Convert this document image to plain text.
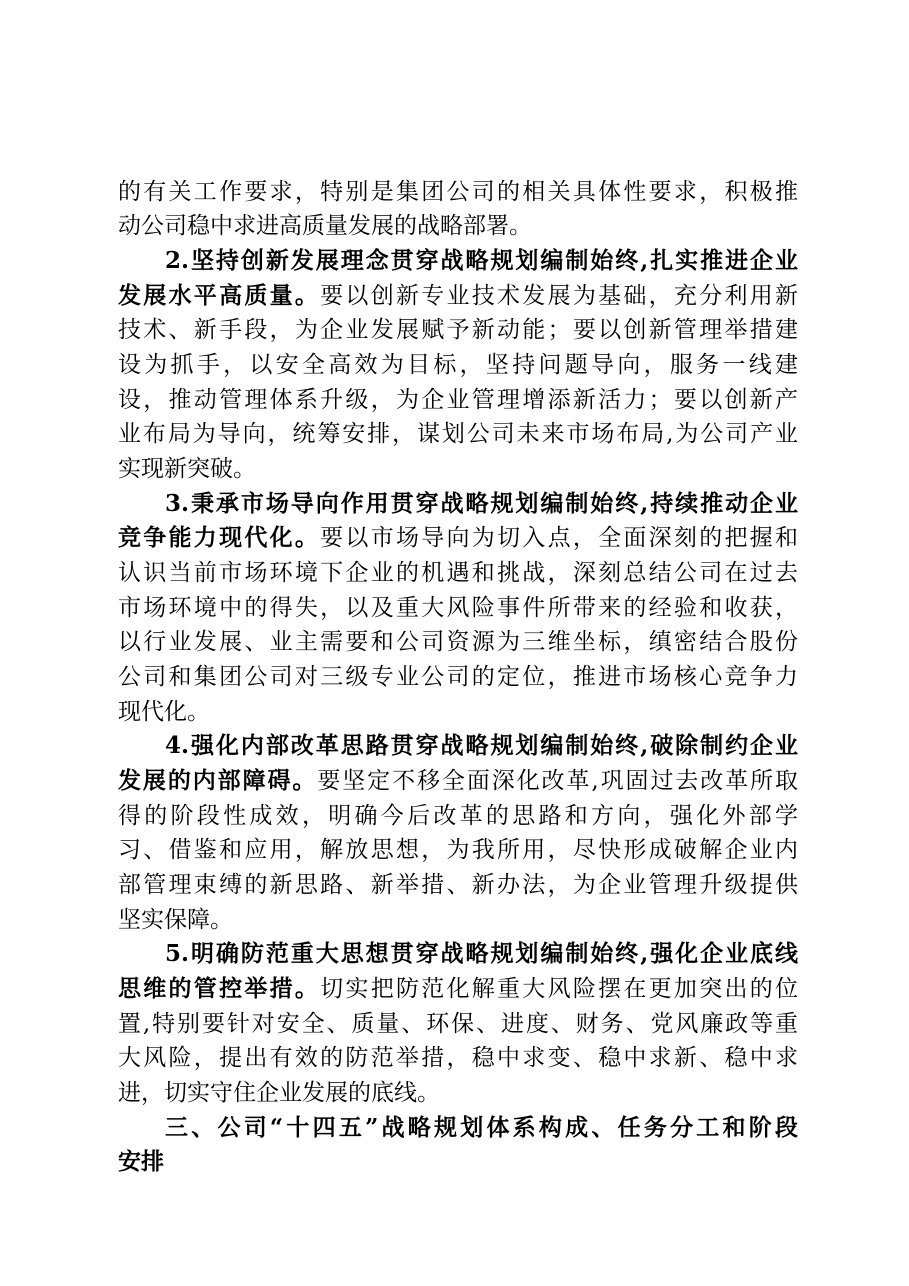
的有关工作要求，特别是集团公司的相关具体性要求，积极推
动公司稳中求进高质量发展的战略部署。
2.坚持创新发展理念贯穿战略规划编制始终,扎实推进企业
发展水平高质量。要以创新专业技术发展为基础，充分利用新
技术、新手段，为企业发展赋予新动能；要以创新管理举措建
设为抓手，以安全高效为目标，坚持问题导向，服务一线建
设，推动管理体系升级，为企业管理增添新活力；要以创新产
业布局为导向，统筹安排，谋划公司未来市场布局,为公司产业
实现新突破。
3.秉承市场导向作用贯穿战略规划编制始终,持续推动企业
竞争能力现代化。要以市场导向为切入点，全面深刻的把握和
认识当前市场环境下企业的机遇和挑战，深刻总结公司在过去
市场环境中的得失，以及重大风险事件所带来的经验和收获，
以行业发展、业主需要和公司资源为三维坐标，缜密结合股份
公司和集团公司对三级专业公司的定位，推进市场核心竞争力
现代化。
4.强化内部改革思路贯穿战略规划编制始终,破除制约企业
发展的内部障碍。要坚定不移全面深化改革,巩固过去改革所取
得的阶段性成效，明确今后改革的思路和方向，强化外部学
习、借鉴和应用，解放思想，为我所用，尽快形成破解企业内
部管理束缚的新思路、新举措、新办法，为企业管理升级提供
坚实保障。
5.明确防范重大思想贯穿战略规划编制始终,强化企业底线
思维的管控举措。切实把防范化解重大风险摆在更加突出的位
置,特别要针对安全、质量、环保、进度、财务、党风廉政等重
大风险，提出有效的防范举措，稳中求变、稳中求新、稳中求
进，切实守住企业发展的底线。
三、公司“十四五”战略规划体系构成、任务分工和阶段
安排
